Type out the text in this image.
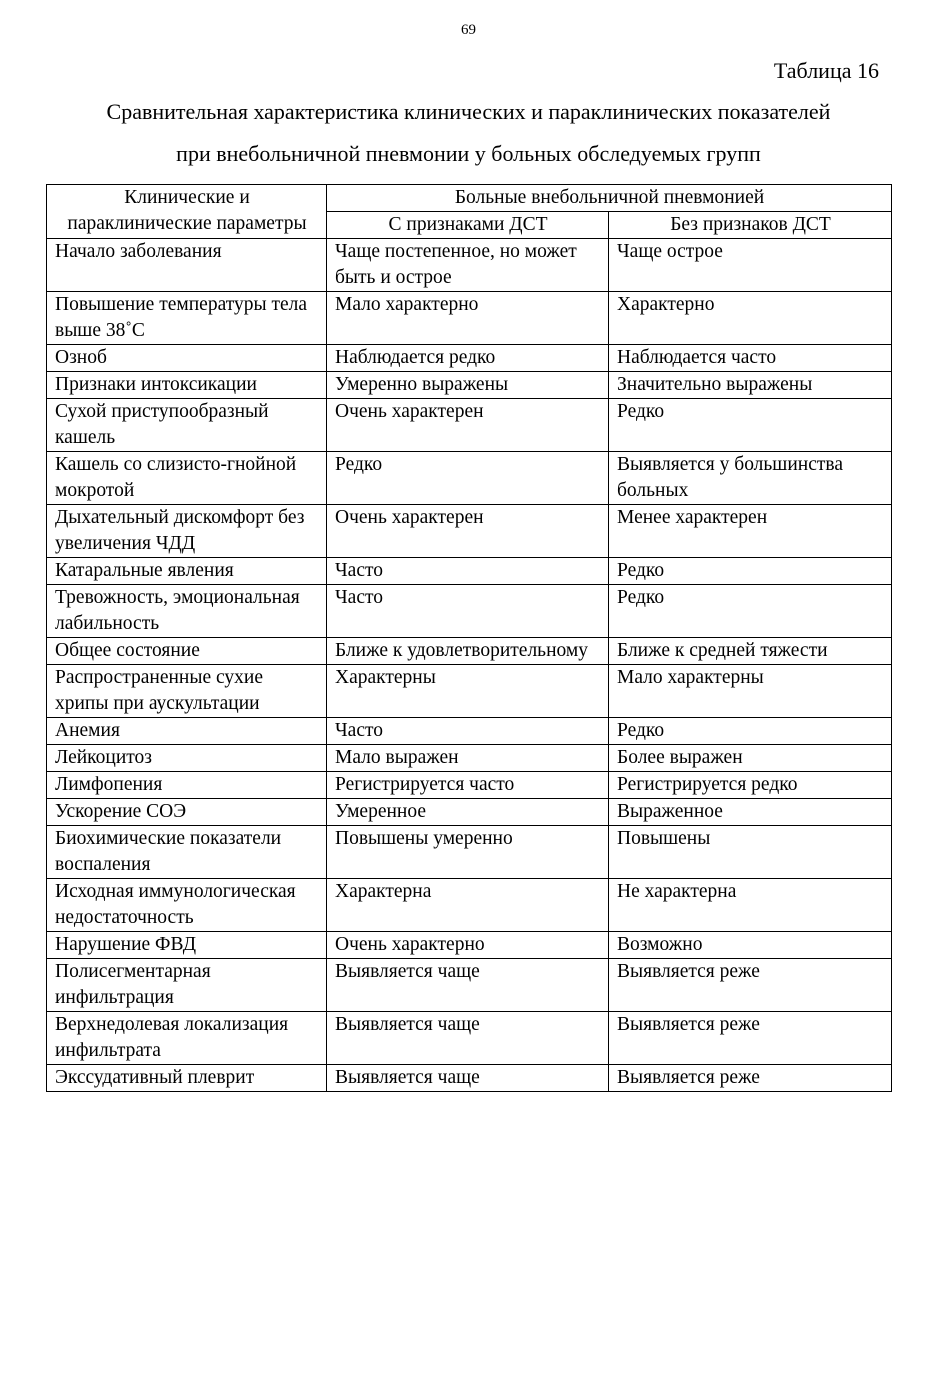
69
Таблица 16
Сравнительная характеристика клинических и параклинических показателей
при внебольничной пневмонии у больных обследуемых групп
Клинические и параклинические параметры	Больные внебольничной пневмонией	
	С признаками ДСТ	Без признаков ДСТ
Начало заболевания	Чаще постепенное, но может быть и острое	Чаще острое
Повышение температуры тела выше 38˚С	Мало характерно	Характерно
Озноб	Наблюдается редко	Наблюдается часто
Признаки интоксикации	Умеренно выражены	Значительно выражены
Сухой приступообразный кашель	Очень характерен	Редко
Кашель со слизисто-гнойной мокротой	Редко	Выявляется у большинства больных
Дыхательный дискомфорт без увеличения ЧДД	Очень характерен	Менее характерен
Катаральные явления	Часто	Редко
Тревожность, эмоциональная лабильность	Часто	Редко
Общее состояние	Ближе к удовлетворительному	Ближе к средней тяжести
Распространенные сухие хрипы при аускультации	Характерны	Мало характерны
Анемия	Часто	Редко
Лейкоцитоз	Мало выражен	Более выражен
Лимфопения	Регистрируется часто	Регистрируется редко
Ускорение СОЭ	Умеренное	Выраженное
Биохимические показатели воспаления	Повышены умеренно	Повышены
Исходная иммунологическая недостаточность	Характерна	Не характерна
Нарушение ФВД	Очень характерно	Возможно
Полисегментарная инфильтрация	Выявляется чаще	Выявляется реже
Верхнедолевая локализация инфильтрата	Выявляется чаще	Выявляется реже
Экссудативный плеврит	Выявляется чаще	Выявляется реже
